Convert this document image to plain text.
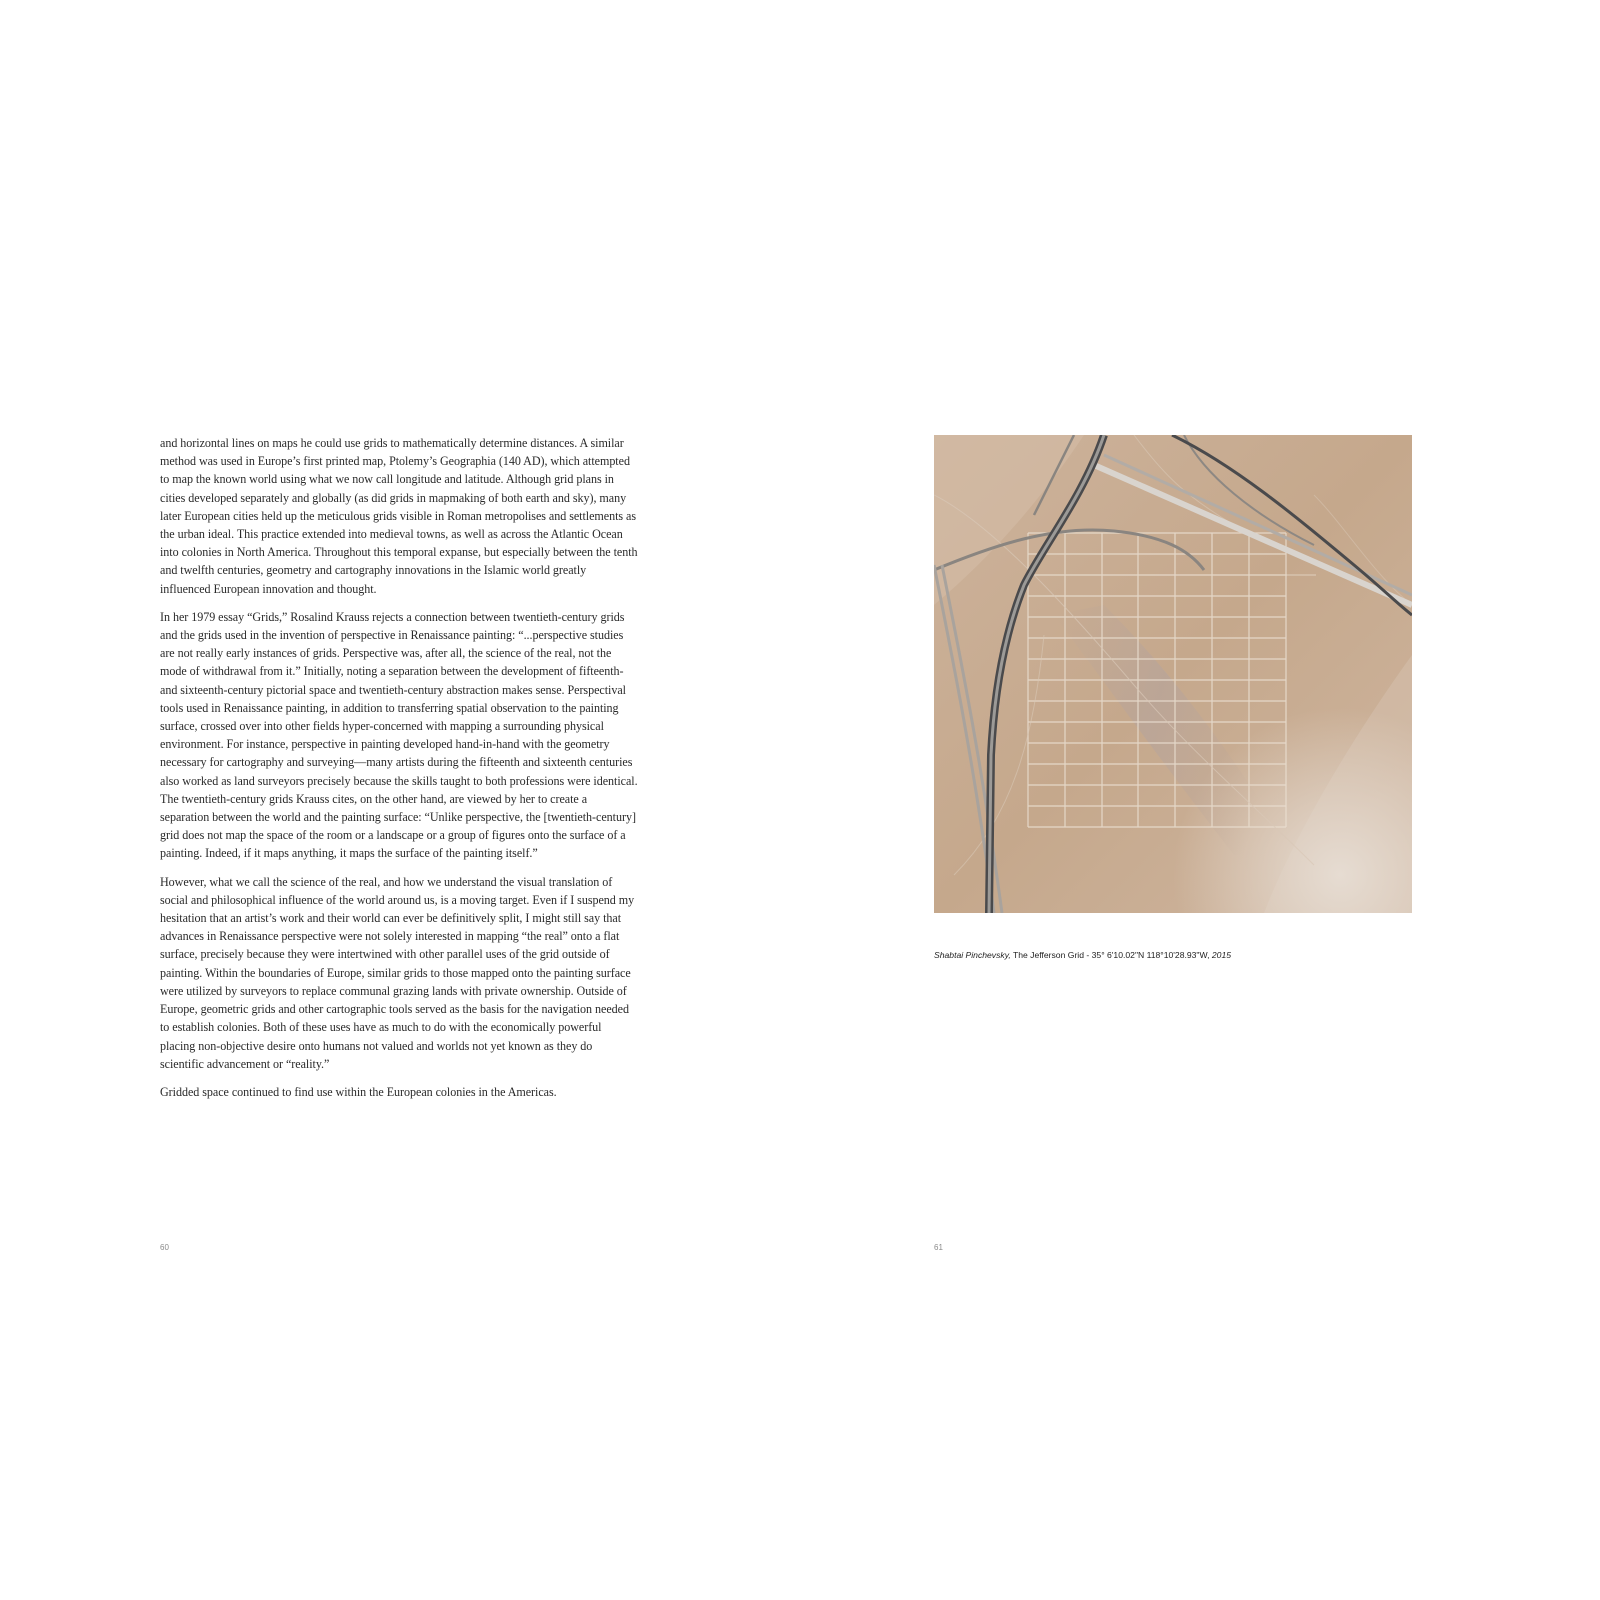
and horizontal lines on maps he could use grids to mathematically determine distances. A similar method was used in Europe’s first printed map, Ptolemy’s Geographia (140 AD), which attempted to map the known world using what we now call longitude and latitude. Although grid plans in cities developed separately and globally (as did grids in mapmaking of both earth and sky), many later European cities held up the meticulous grids visible in Roman metropolises and settlements as the urban ideal. This practice extended into medieval towns, as well as across the Atlantic Ocean into colonies in North America. Throughout this temporal expanse, but especially between the tenth and twelfth centuries, geometry and cartography innovations in the Islamic world greatly influenced European innovation and thought.

In her 1979 essay “Grids,” Rosalind Krauss rejects a connection between twentieth-century grids and the grids used in the invention of perspective in Renaissance painting: “...perspective studies are not really early instances of grids. Perspective was, after all, the science of the real, not the mode of withdrawal from it.” Initially, noting a separation between the development of fifteenth- and sixteenth-century pictorial space and twentieth-century abstraction makes sense. Perspectival tools used in Renaissance painting, in addition to transferring spatial observation to the painting surface, crossed over into other fields hyper-concerned with mapping a surrounding physical environment. For instance, perspective in painting developed hand-in-hand with the geometry necessary for cartography and surveying—many artists during the fifteenth and sixteenth centuries also worked as land surveyors precisely because the skills taught to both professions were identical. The twentieth-century grids Krauss cites, on the other hand, are viewed by her to create a separation between the world and the painting surface: “Unlike perspective, the [twentieth-century] grid does not map the space of the room or a landscape or a group of figures onto the surface of a painting. Indeed, if it maps anything, it maps the surface of the painting itself.”

However, what we call the science of the real, and how we understand the visual translation of social and philosophical influence of the world around us, is a moving target. Even if I suspend my hesitation that an artist’s work and their world can ever be definitively split, I might still say that advances in Renaissance perspective were not solely interested in mapping “the real” onto a flat surface, precisely because they were intertwined with other parallel uses of the grid outside of painting. Within the boundaries of Europe, similar grids to those mapped onto the painting surface were utilized by surveyors to replace communal grazing lands with private ownership. Outside of Europe, geometric grids and other cartographic tools served as the basis for the navigation needed to establish colonies. Both of these uses have as much to do with the economically powerful placing non-objective desire onto humans not valued and worlds not yet known as they do scientific advancement or “reality.”

Gridded space continued to find use within the European colonies in the Americas.

60
Shabtai Pinchevsky, The Jefferson Grid - 35° 6'10.02"N 118°10'28.93"W, 2015
61
